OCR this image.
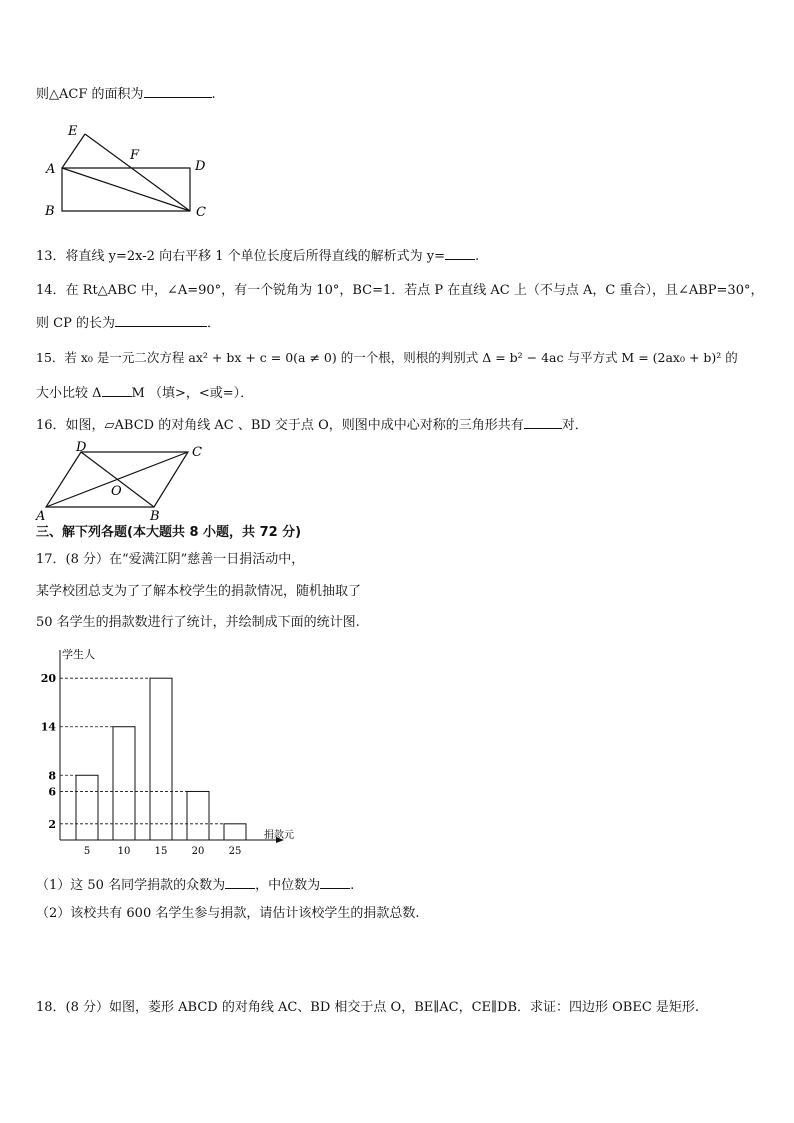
则△ACF 的面积为	.
E
F
A	D
B	C
13．将直线 y=2x-2 向右平移 1 个单位长度后所得直线的解析式为 y= .
14．在 Rt△ABC 中，∠A=90°，有一个锐角为 10°，BC=1．若点 P 在直线 AC 上（不与点 A，C 重合），且∠ABP=30°，
则 CP 的长为	．
15．若 x₀ 是一元二次方程 ax² + bx + c = 0(a ≠ 0) 的一个根，则根的判别式 Δ = b² − 4ac 与平方式 M = (2ax₀ + b)² 的
大小比较 Δ M （填>，<或=）．
16．如图，▱ABCD 的对角线 AC 、BD 交于点 O，则图中成中心对称的三角形共有	对．
D	C
O
A	B
三、解下列各题(本大题共 8 小题，共 72 分)
17．(8 分）在“爱满江阴”慈善一日捐活动中，
某学校团总支为了了解本校学生的捐款情况，随机抽取了
50 名学生的捐款数进行了统计，并绘制成下面的统计图.
学生人
捐款元
8
5
14
10
20
15
6
20
2
25
（1）这 50 名同学捐款的众数为 ，中位数为 .
（2）该校共有 600 名学生参与捐款，请估计该校学生的捐款总数.
18．(8 分）如图，菱形 ABCD 的对角线 AC、BD 相交于点 O，BE∥AC，CE∥DB．求证：四边形 OBEC 是矩形.
